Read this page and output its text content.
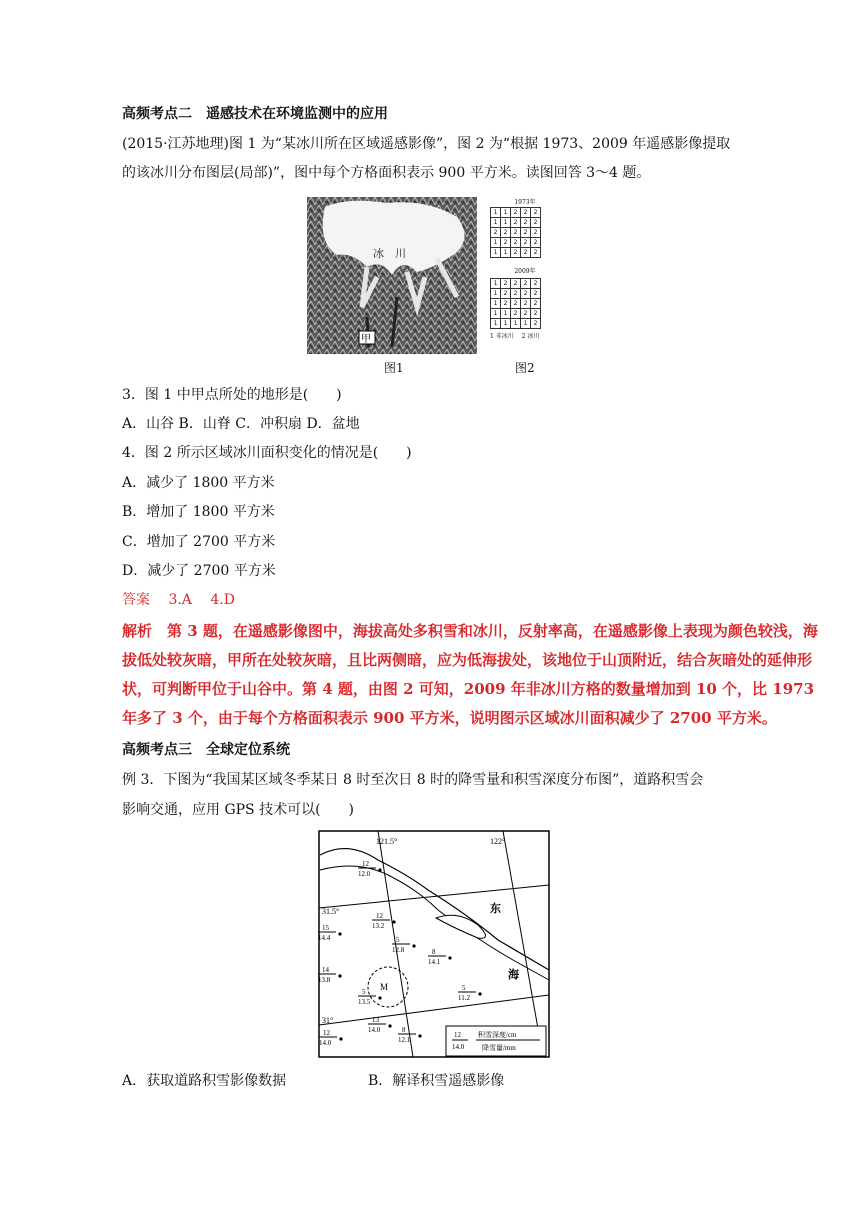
高频考点二　遥感技术在环境监测中的应用
(2015·江苏地理)图 1 为“某冰川所在区域遥感影像”，图 2 为“根据 1973、2009 年遥感影像提取
的该冰川分布图层(局部)”，图中每个方格面积表示 900 平方米。读图回答 3～4 题。
冰　川
甲
图1
1973年
1	1	2	2	2
1	1	2	2	2
2	2	2	2	2
1	2	2	2	2
1	1	2	2	2
2009年
1	2	2	2	2
1	2	2	2	2
1	2	2	2	2
1	1	2	2	2
1	1	1	1	2
1 非冰川　 2 冰川
图2
3．图 1 中甲点所处的地形是(　　)
A．山谷 B．山脊 C．冲积扇 D．盆地
4．图 2 所示区域冰川面积变化的情况是(　　)
A．减少了 1800 平方米
B．增加了 1800 平方米
C．增加了 2700 平方米
D．减少了 2700 平方米
答案　 3.A　 4.D
解析　第 3 题，在遥感影像图中，海拔高处多积雪和冰川，反射率高，在遥感影像上表现为颜色较浅，海拔低处较灰暗，甲所在处较灰暗，且比两侧暗，应为低海拔处，该地位于山顶附近，结合灰暗处的延伸形状，可判断甲位于山谷中。第 4 题，由图 2 可知，2009 年非冰川方格的数量增加到 10 个，比 1973 年多了 3 个，由于每个方格面积表示 900 平方米，说明图示区域冰川面积减少了 2700 平方米。
高频考点三　全球定位系统
例 3．下图为“我国某区域冬季某日 8 时至次日 8 时的降雪量和积雪深度分布图”，道路积雪会
影响交通，应用 GPS 技术可以(　　)
121.5°	122°
31.5°
31°
东
海
M
12
12.0
12
13.2
15
14.4	5
12.8	8
14.1
14
13.8
5
13.5
5
11.2
13
14.0
12
14.0
8
12.1
12
14.0
积雪深度/cm
降雪量/mm
A．获取道路积雪影像数据	B．解译积雪遥感影像
